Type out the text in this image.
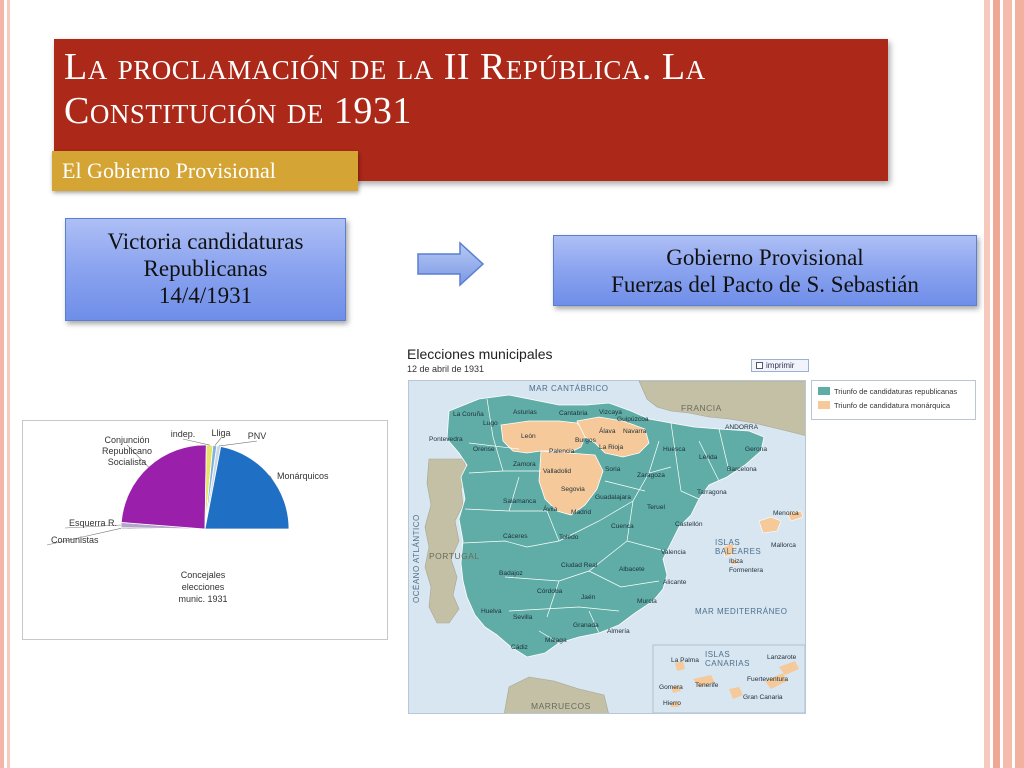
La proclamación de la II República. La Constitución de 1931
El Gobierno Provisional
Victoria candidaturas
Republicanas
14/4/1931
Gobierno Provisional
Fuerzas del Pacto de S. Sebastián
Comunistas
Esquerra R.
Conjunción
Republicano
Socialista
indep. Lliga PNV
Monárquicos
Concejales
elecciones
munic. 1931
Elecciones municipales
12 de abril de 1931	imprimir
Triunfo de candidaturas republicanas
Triunfo de candidatura monárquica
MAR CANTÁBRICO
OCÉANO ATLÁNTICO
MAR MEDITERRÁNEO
FRANCIA
ANDORRA
PORTUGAL
MARRUECOS
ISLAS
BALEARES
ISLAS
CANARIAS
La Coruña
Lugo
Asturias	Cantabria Vizcaya
Guipúzcoa
Álava Navarra
Pontevedra
Orense
León
Burgos
La Rioja	Huesca
Lérida
Gerona
Palencia
Zamora
Valladolid	Soria
Zaragoza
Barcelona
Tarragona
Salamanca
Segovia
Guadalajara
Ávila Madrid
Teruel
Cuenca	Castellón
Cáceres	Toledo
Valencia
Badajoz
Ciudad Real
Albacete
Alicante
Córdoba
Jaén
Murcia
Huelva
Sevilla
Granada
Almería
Málaga
Cádiz
Menorca
Mallorca
Ibiza
Formentera
La Palma
Tenerife
Gomera
Hierro
Lanzarote
Fuerteventura
Gran Canaria
